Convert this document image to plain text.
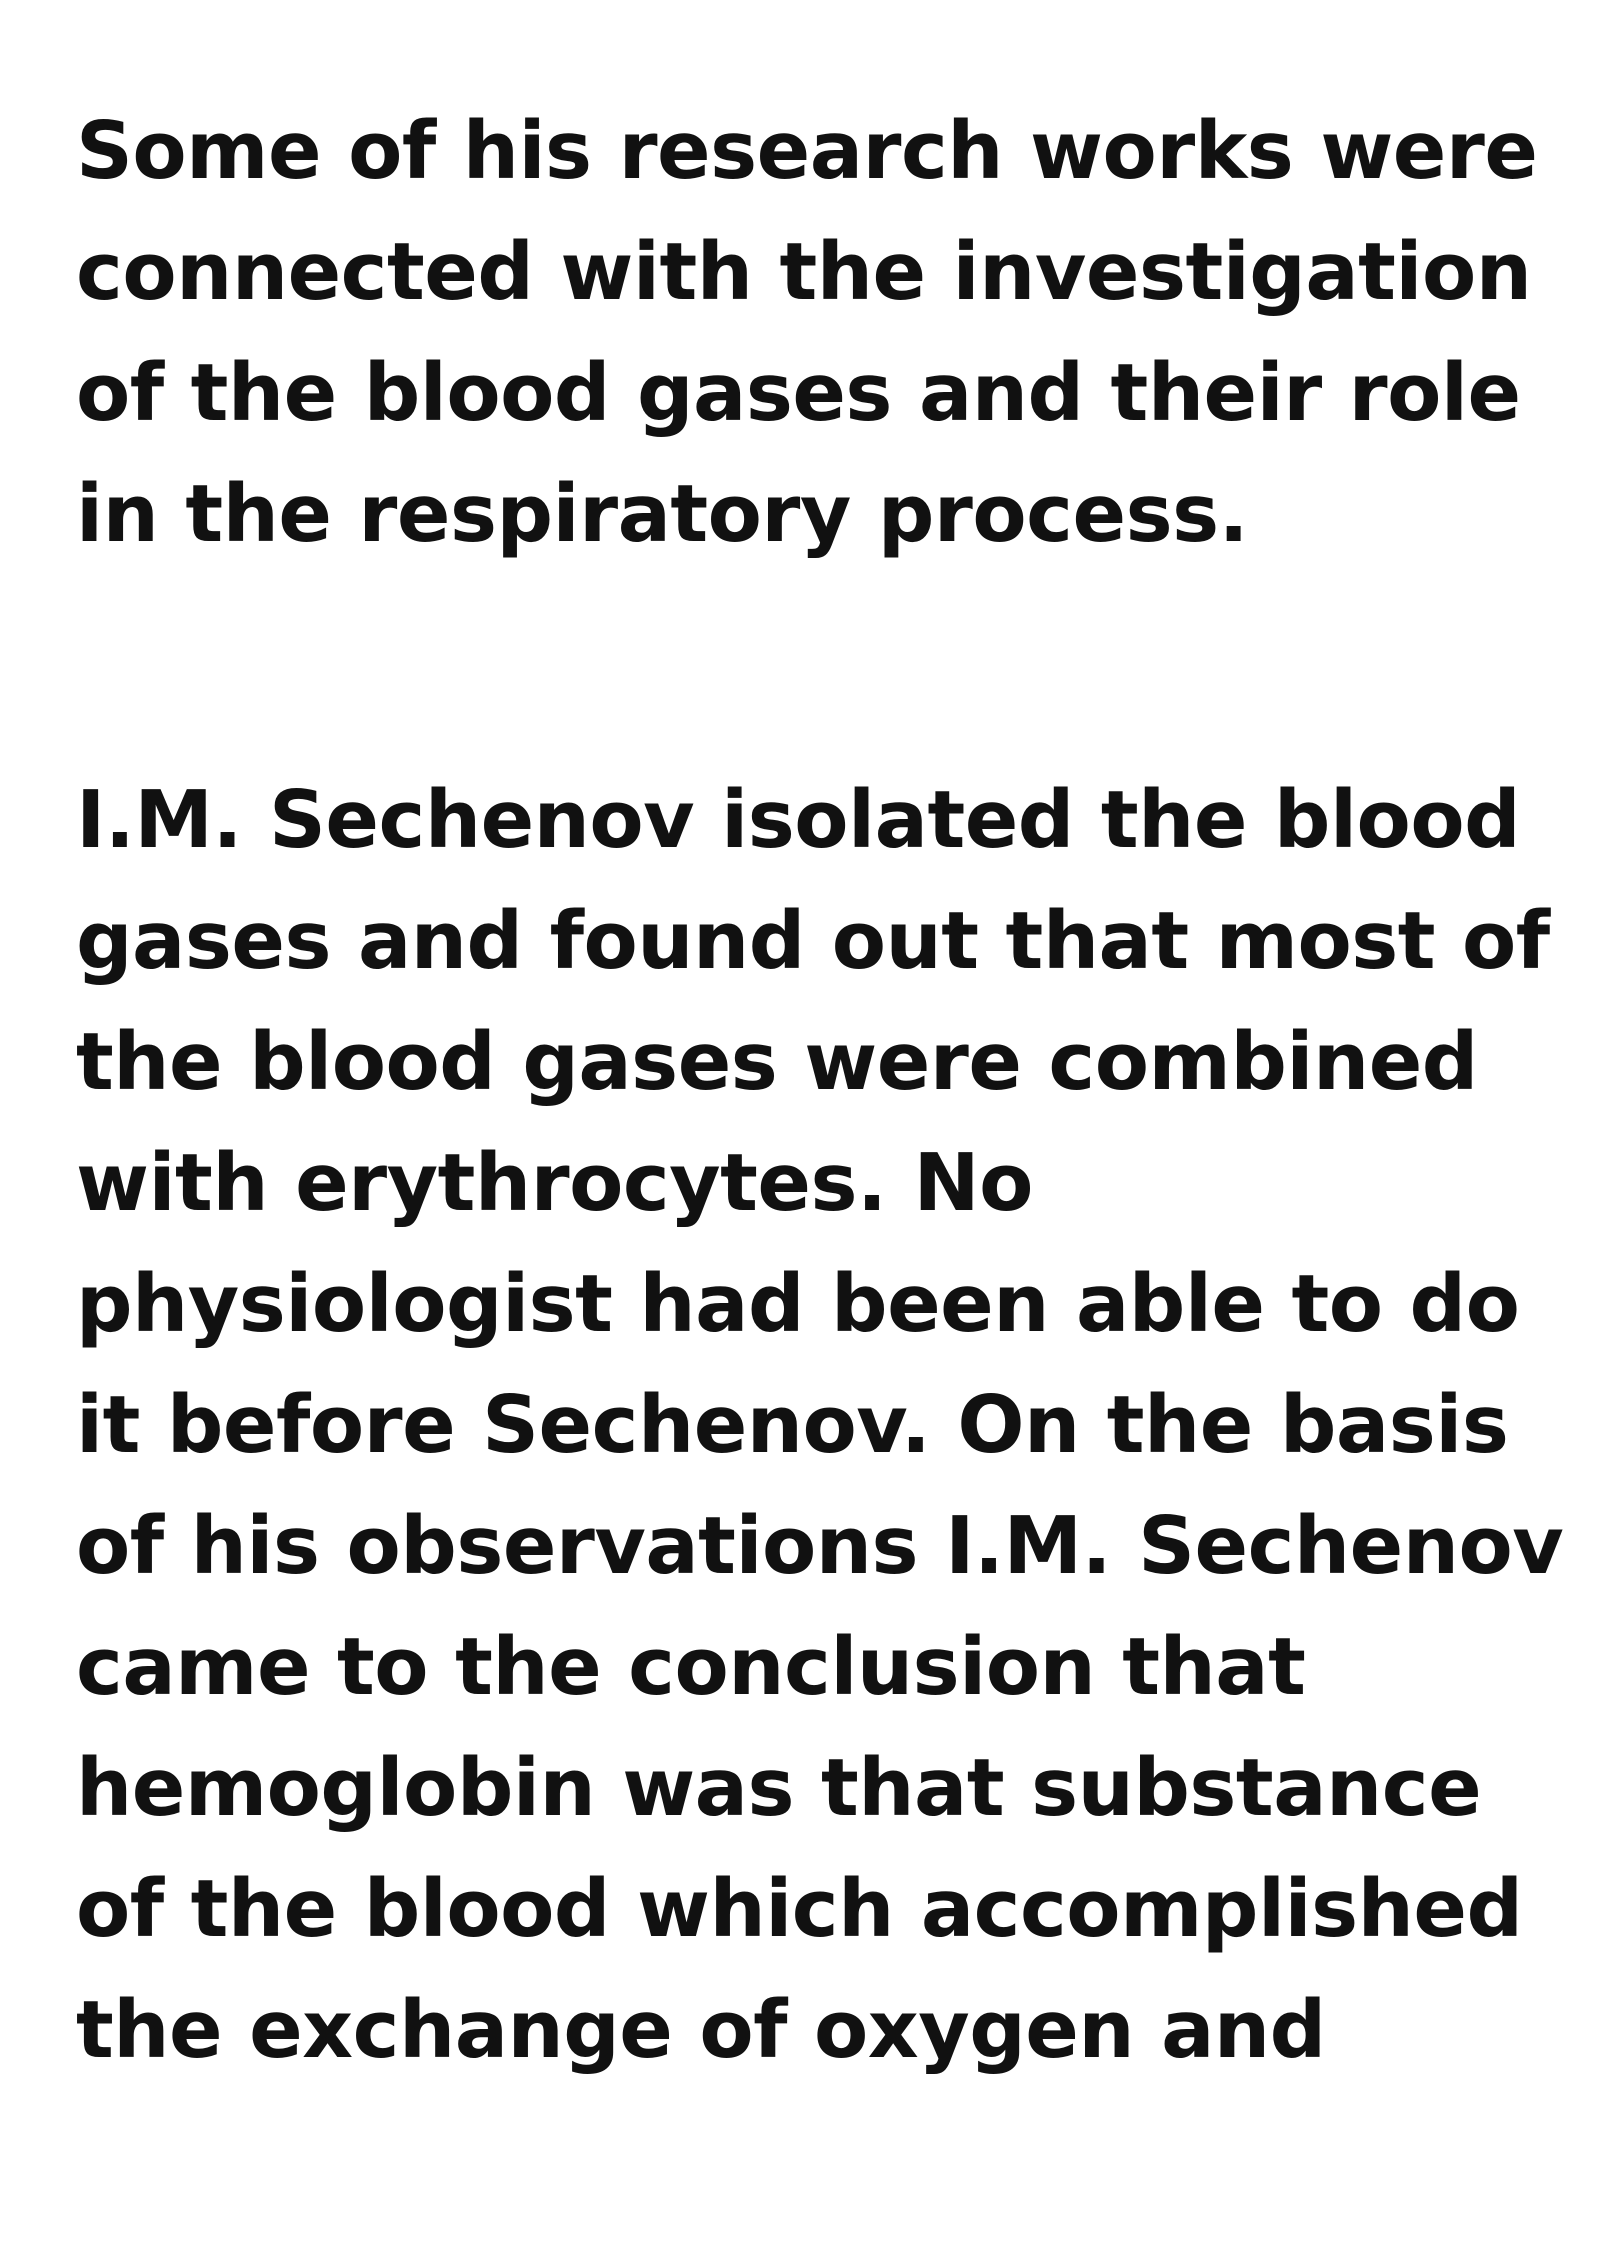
Some of his research works were
connected with the investigation
of the blood gases and their role
in the respiratory process.

I.M. Sechenov isolated the blood
gases and found out that most of
the blood gases were combined
with erythrocytes. No
physiologist had been able to do
it before Sechenov. On the basis
of his observations I.M. Sechenov
came to the conclusion that
hemoglobin was that substance
of the blood which accomplished
the exchange of oxygen and
